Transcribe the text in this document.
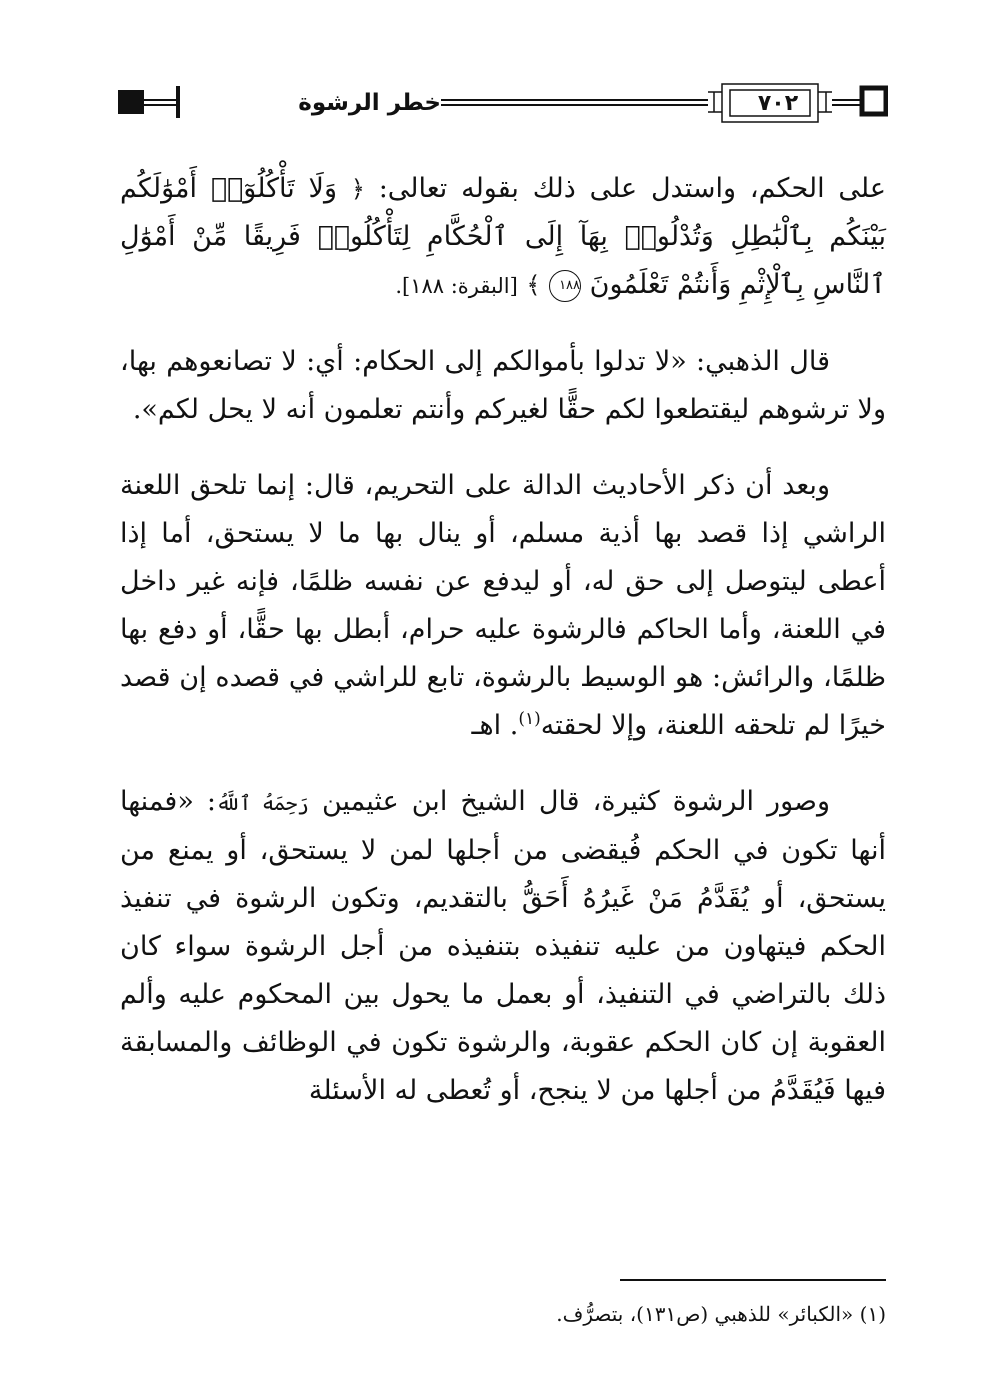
خطر الرشوة	٧٠٢

على الحكم، واستدل على ذلك بقوله تعالى: ﴿ وَلَا تَأْكُلُوٓا۟ أَمْوَٰلَكُم بَيْنَكُم بِٱلْبَٰطِلِ وَتُدْلُوا۟ بِهَآ إِلَى ٱلْحُكَّامِ لِتَأْكُلُوا۟ فَرِيقًا مِّنْ أَمْوَٰلِ ٱلنَّاسِ بِٱلْإِثْمِ وَأَنتُمْ تَعْلَمُونَ ١٨٨ ﴾ [البقرة: ١٨٨].

قال الذهبي: «لا تدلوا بأموالكم إلى الحكام: أي: لا تصانعوهم بها، ولا ترشوهم ليقتطعوا لكم حقًّا لغيركم وأنتم تعلمون أنه لا يحل لكم».

وبعد أن ذكر الأحاديث الدالة على التحريم، قال: إنما تلحق اللعنة الراشي إذا قصد بها أذية مسلم، أو ينال بها ما لا يستحق، أما إذا أعطى ليتوصل إلى حق له، أو ليدفع عن نفسه ظلمًا، فإنه غير داخل في اللعنة، وأما الحاكم فالرشوة عليه حرام، أبطل بها حقًّا، أو دفع بها ظلمًا، والرائش: هو الوسيط بالرشوة، تابع للراشي في قصده إن قصد خيرًا لم تلحقه اللعنة، وإلا لحقته$^{(١)}$. اهـ

وصور الرشوة كثيرة، قال الشيخ ابن عثيمين رَحِمَهُ ٱللَّهُ: «فمنها أنها تكون في الحكم فُيقضى من أجلها لمن لا يستحق، أو يمنع من يستحق، أو يُقَدَّمُ مَنْ غَيرُهُ أَحَقُّ بالتقديم، وتكون الرشوة في تنفيذ الحكم فيتهاون من عليه تنفيذه بتنفيذه من أجل الرشوة سواء كان ذلك بالتراضي في التنفيذ، أو بعمل ما يحول بين المحكوم عليه وألم العقوبة إن كان الحكم عقوبة، والرشوة تكون في الوظائف والمسابقة فيها فَيُقَدَّمُ من أجلها من لا ينجح، أو تُعطى له الأسئلة

(١) «الكبائر» للذهبي (ص١٣١)، بتصرُّف.
